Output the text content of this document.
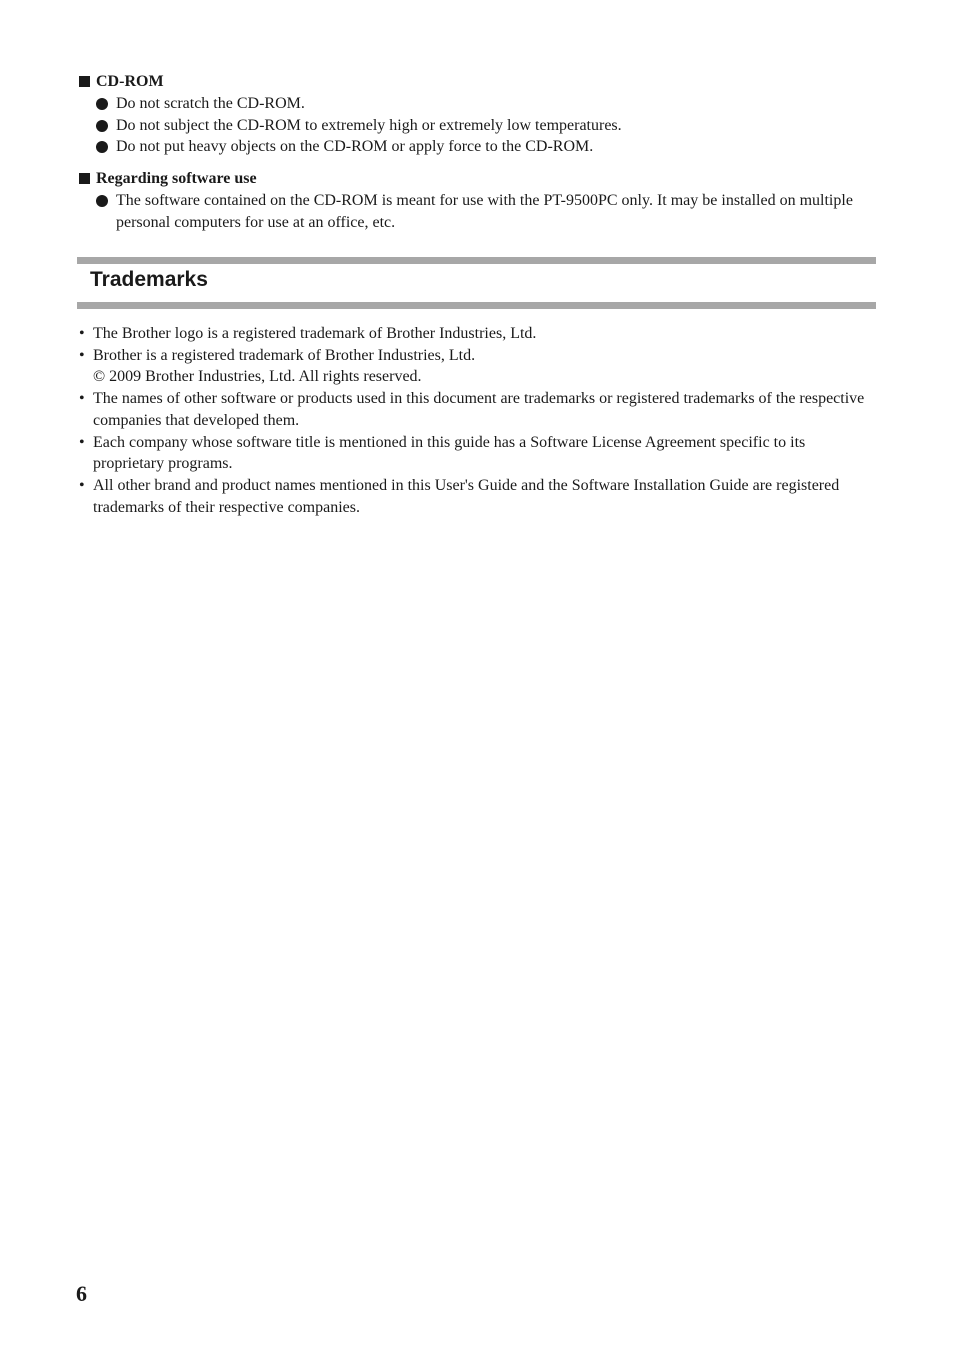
CD-ROM
Do not scratch the CD-ROM.
Do not subject the CD-ROM to extremely high or extremely low temperatures.
Do not put heavy objects on the CD-ROM or apply force to the CD-ROM.
Regarding software use
The software contained on the CD-ROM is meant for use with the PT-9500PC only. It may be installed on multiple personal computers for use at an office, etc.
Trademarks
• The Brother logo is a registered trademark of Brother Industries, Ltd.
• Brother is a registered trademark of Brother Industries, Ltd.
© 2009 Brother Industries, Ltd. All rights reserved.
• The names of other software or products used in this document are trademarks or registered trademarks of the respective companies that developed them.
• Each company whose software title is mentioned in this guide has a Software License Agreement specific to its proprietary programs.
• All other brand and product names mentioned in this User's Guide and the Software Installation Guide are registered trademarks of their respective companies.
6
